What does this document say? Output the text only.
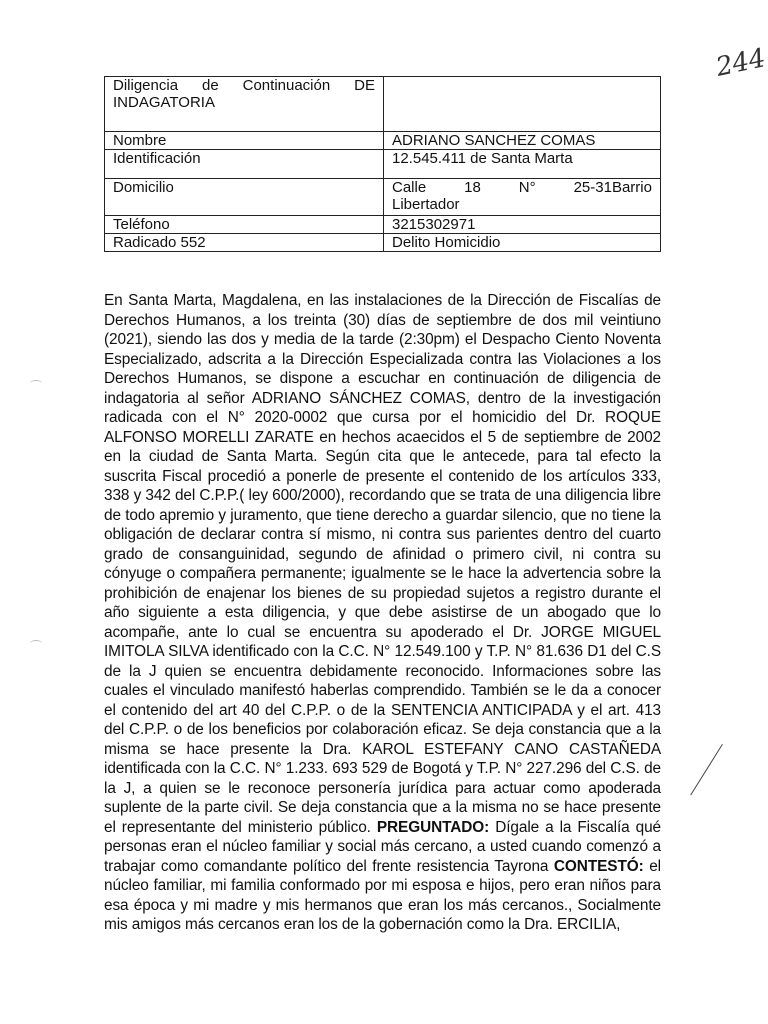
244
Diligencia de Continuación DE INDAGATORIA	
Nombre	ADRIANO SANCHEZ COMAS
Identificación	12.545.411 de Santa Marta
Domicilio	Calle 18 N° 25-31Barrio
Libertador

Teléfono	3215302971
Radicado 552	Delito Homicidio

En Santa Marta, Magdalena, en las instalaciones de la Dirección de Fiscalías de Derechos Humanos, a los treinta (30) días de septiembre de dos mil veintiuno (2021), siendo las dos y media de la tarde (2:30pm) el Despacho Ciento Noventa Especializado, adscrita a la Dirección Especializada contra las Violaciones a los Derechos Humanos, se dispone a escuchar en continuación de diligencia de indagatoria al señor ADRIANO SÁNCHEZ COMAS, dentro de la investigación radicada con el N° 2020-0002 que cursa por el homicidio del Dr. ROQUE ALFONSO MORELLI ZARATE en hechos acaecidos el 5 de septiembre de 2002 en la ciudad de Santa Marta. Según cita que le antecede, para tal efecto la suscrita Fiscal procedió a ponerle de presente el contenido de los artículos 333, 338 y 342 del C.P.P.( ley 600/2000), recordando que se trata de una diligencia libre de todo apremio y juramento, que tiene derecho a guardar silencio, que no tiene la obligación de declarar contra sí mismo, ni contra sus parientes dentro del cuarto grado de consanguinidad, segundo de afinidad o primero civil, ni contra su cónyuge o compañera permanente; igualmente se le hace la advertencia sobre la prohibición de enajenar los bienes de su propiedad sujetos a registro durante el año siguiente a esta diligencia, y que debe asistirse de un abogado que lo acompañe, ante lo cual se encuentra su apoderado el Dr. JORGE MIGUEL IMITOLA SILVA identificado con la C.C. N° 12.549.100 y T.P. N° 81.636 D1 del C.S de la J quien se encuentra debidamente reconocido. Informaciones sobre las cuales el vinculado manifestó haberlas comprendido. También se le da a conocer el contenido del art 40 del C.P.P. o de la SENTENCIA ANTICIPADA y el art. 413 del C.P.P. o de los beneficios por colaboración eficaz. Se deja constancia que a la misma se hace presente la Dra. KAROL ESTEFANY CANO CASTAÑEDA identificada con la C.C. N° 1.233. 693 529 de Bogotá y T.P. N° 227.296 del C.S. de la J, a quien se le reconoce personería jurídica para actuar como apoderada suplente de la parte civil. Se deja constancia que a la misma no se hace presente el representante del ministerio público. PREGUNTADO: Dígale a la Fiscalía qué personas eran el núcleo familiar y social más cercano, a usted cuando comenzó a trabajar como comandante político del frente resistencia Tayrona CONTESTÓ: el núcleo familiar, mi familia conformado por mi esposa e hijos, pero eran niños para esa época y mi madre y mis hermanos que eran los más cercanos., Socialmente mis amigos más cercanos eran los de la gobernación como la Dra. ERCILIA,
